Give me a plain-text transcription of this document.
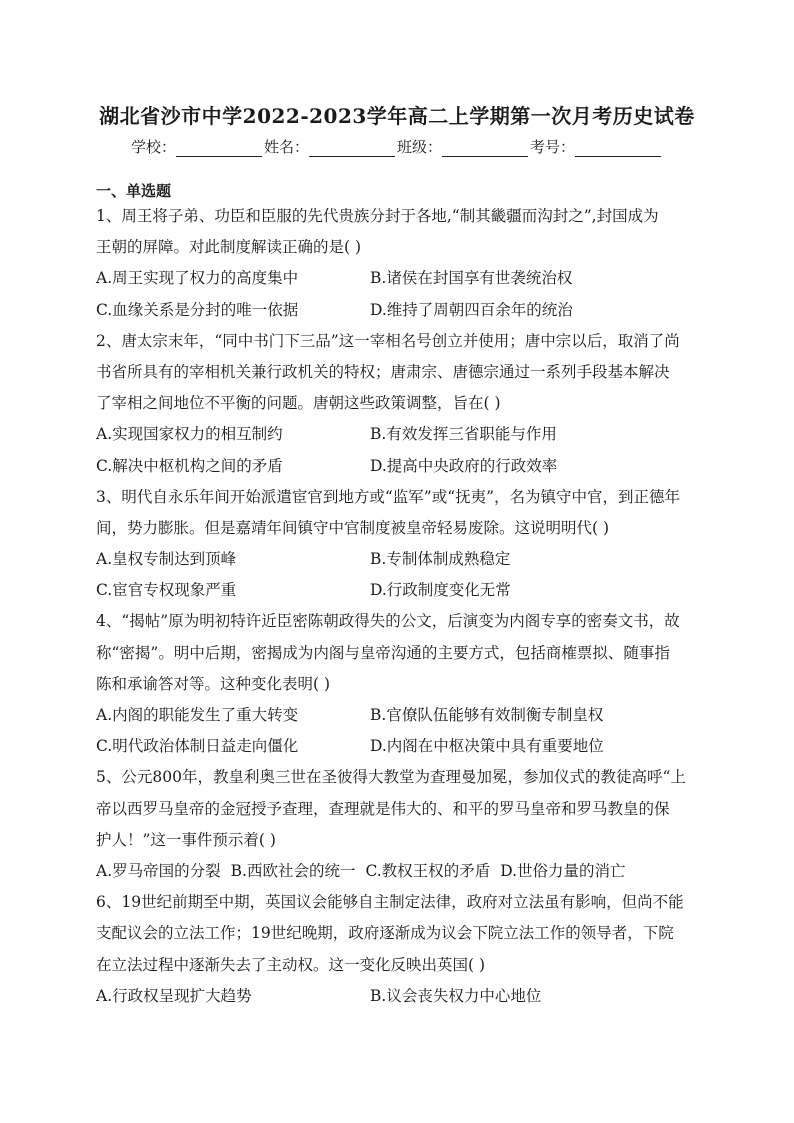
湖北省沙市中学2022-2023学年高二上学期第一次月考历史试卷
学校：	姓名：	班级：	考号：
一、单选题
1、周王将子弟、功臣和臣服的先代贵族分封于各地,“制其畿疆而沟封之”,封国成为
王朝的屏障。对此制度解读正确的是( )
A.周王实现了权力的高度集中	B.诸侯在封国享有世袭统治权
C.血缘关系是分封的唯一依据	D.维持了周朝四百余年的统治
2、唐太宗末年，“同中书门下三品”这一宰相名号创立并使用；唐中宗以后，取消了尚
书省所具有的宰相机关兼行政机关的特权；唐肃宗、唐德宗通过一系列手段基本解决
了宰相之间地位不平衡的问题。唐朝这些政策调整，旨在( )
A.实现国家权力的相互制约	B.有效发挥三省职能与作用
C.解决中枢机构之间的矛盾	D.提高中央政府的行政效率
3、明代自永乐年间开始派遣宦官到地方或“监军”或“抚夷”，名为镇守中官，到正德年
间，势力膨胀。但是嘉靖年间镇守中官制度被皇帝轻易废除。这说明明代( )
A.皇权专制达到顶峰	B.专制体制成熟稳定
C.宦官专权现象严重	D.行政制度变化无常
4、“揭帖”原为明初特许近臣密陈朝政得失的公文，后演变为内阁专享的密奏文书，故
称“密揭”。明中后期，密揭成为内阁与皇帝沟通的主要方式，包括商榷票拟、随事指
陈和承谕答对等。这种变化表明( )
A.内阁的职能发生了重大转变	B.官僚队伍能够有效制衡专制皇权
C.明代政治体制日益走向僵化	D.内阁在中枢决策中具有重要地位
5、公元800年，教皇利奥三世在圣彼得大教堂为查理曼加冕，参加仪式的教徒高呼“上
帝以西罗马皇帝的金冠授予查理，查理就是伟大的、和平的罗马皇帝和罗马教皇的保
护人！”这一事件预示着( )
A.罗马帝国的分裂 B.西欧社会的统一 C.教权王权的矛盾 D.世俗力量的消亡
6、19世纪前期至中期，英国议会能够自主制定法律，政府对立法虽有影响，但尚不能
支配议会的立法工作；19世纪晚期，政府逐渐成为议会下院立法工作的领导者，下院
在立法过程中逐渐失去了主动权。这一变化反映出英国( )
A.行政权呈现扩大趋势	B.议会丧失权力中心地位
